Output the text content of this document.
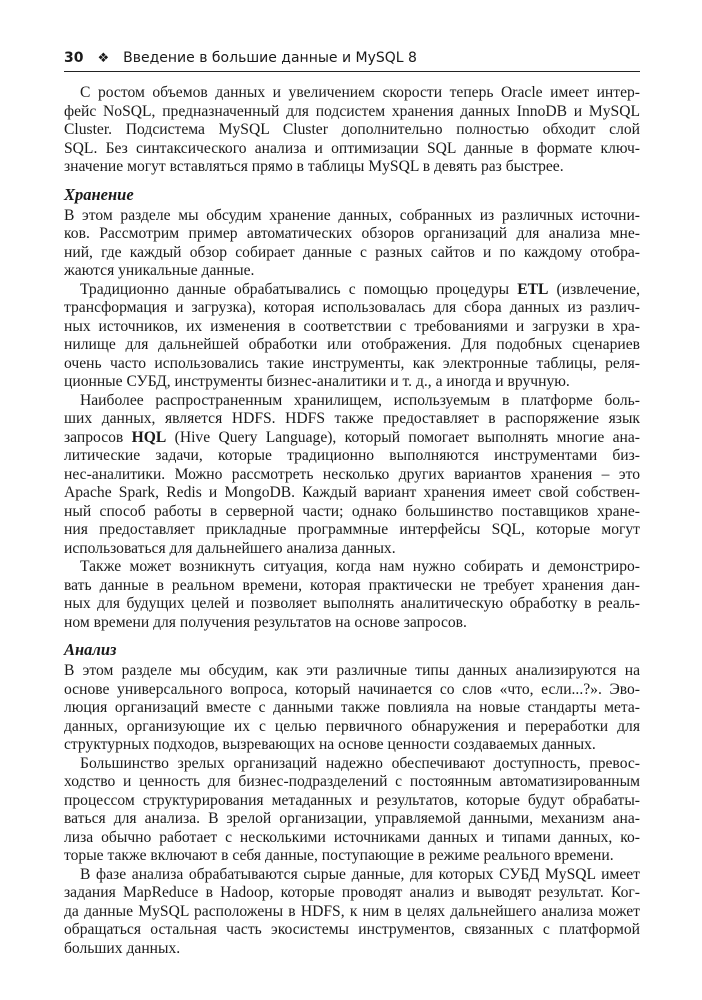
30 ❖ Введение в большие данные и MySQL 8
С ростом объемов данных и увеличением скорости теперь Oracle имеет интер-
фейс NoSQL, предназначенный для подсистем хранения данных InnoDB и MySQL
Cluster. Подсистема MySQL Cluster дополнительно полностью обходит слой
SQL. Без синтаксического анализа и оптимизации SQL данные в формате ключ-
значение могут вставляться прямо в таблицы MySQL в девять раз быстрее.
Хранение
В этом разделе мы обсудим хранение данных, собранных из различных источни-
ков. Рассмотрим пример автоматических обзоров организаций для анализа мне-
ний, где каждый обзор собирает данные с разных сайтов и по каждому отобра-
жаются уникальные данные.
Традиционно данные обрабатывались с помощью процедуры ETL (извлечение,
трансформация и загрузка), которая использовалась для сбора данных из различ-
ных источников, их изменения в соответствии с требованиями и загрузки в хра-
нилище для дальнейшей обработки или отображения. Для подобных сценариев
очень часто использовались такие инструменты, как электронные таблицы, реля-
ционные СУБД, инструменты бизнес-аналитики и т. д., а иногда и вручную.
Наиболее распространенным хранилищем, используемым в платформе боль-
ших данных, является HDFS. HDFS также предоставляет в распоряжение язык
запросов HQL (Hive Query Language), который помогает выполнять многие ана-
литические задачи, которые традиционно выполняются инструментами биз-
нес-аналитики. Можно рассмотреть несколько других вариантов хранения – это
Apache Spark, Redis и MongoDB. Каждый вариант хранения имеет свой собствен-
ный способ работы в серверной части; однако большинство поставщиков хране-
ния предоставляет прикладные программные интерфейсы SQL, которые могут
использоваться для дальнейшего анализа данных.
Также может возникнуть ситуация, когда нам нужно собирать и демонстриро-
вать данные в реальном времени, которая практически не требует хранения дан-
ных для будущих целей и позволяет выполнять аналитическую обработку в реаль-
ном времени для получения результатов на основе запросов.
Анализ
В этом разделе мы обсудим, как эти различные типы данных анализируются на
основе универсального вопроса, который начинается со слов «что, если...?». Эво-
люция организаций вместе с данными также повлияла на новые стандарты мета-
данных, организующие их с целью первичного обнаружения и переработки для
структурных подходов, вызревающих на основе ценности создаваемых данных.
Большинство зрелых организаций надежно обеспечивают доступность, превос-
ходство и ценность для бизнес-подразделений с постоянным автоматизированным
процессом структурирования метаданных и результатов, которые будут обрабаты-
ваться для анализа. В зрелой организации, управляемой данными, механизм ана-
лиза обычно работает с несколькими источниками данных и типами данных, ко-
торые также включают в себя данные, поступающие в режиме реального времени.
В фазе анализа обрабатываются сырые данные, для которых СУБД MySQL имеет
задания MapReduce в Hadoop, которые проводят анализ и выводят результат. Ког-
да данные MySQL расположены в HDFS, к ним в целях дальнейшего анализа может
обращаться остальная часть экосистемы инструментов, связанных с платформой
больших данных.
